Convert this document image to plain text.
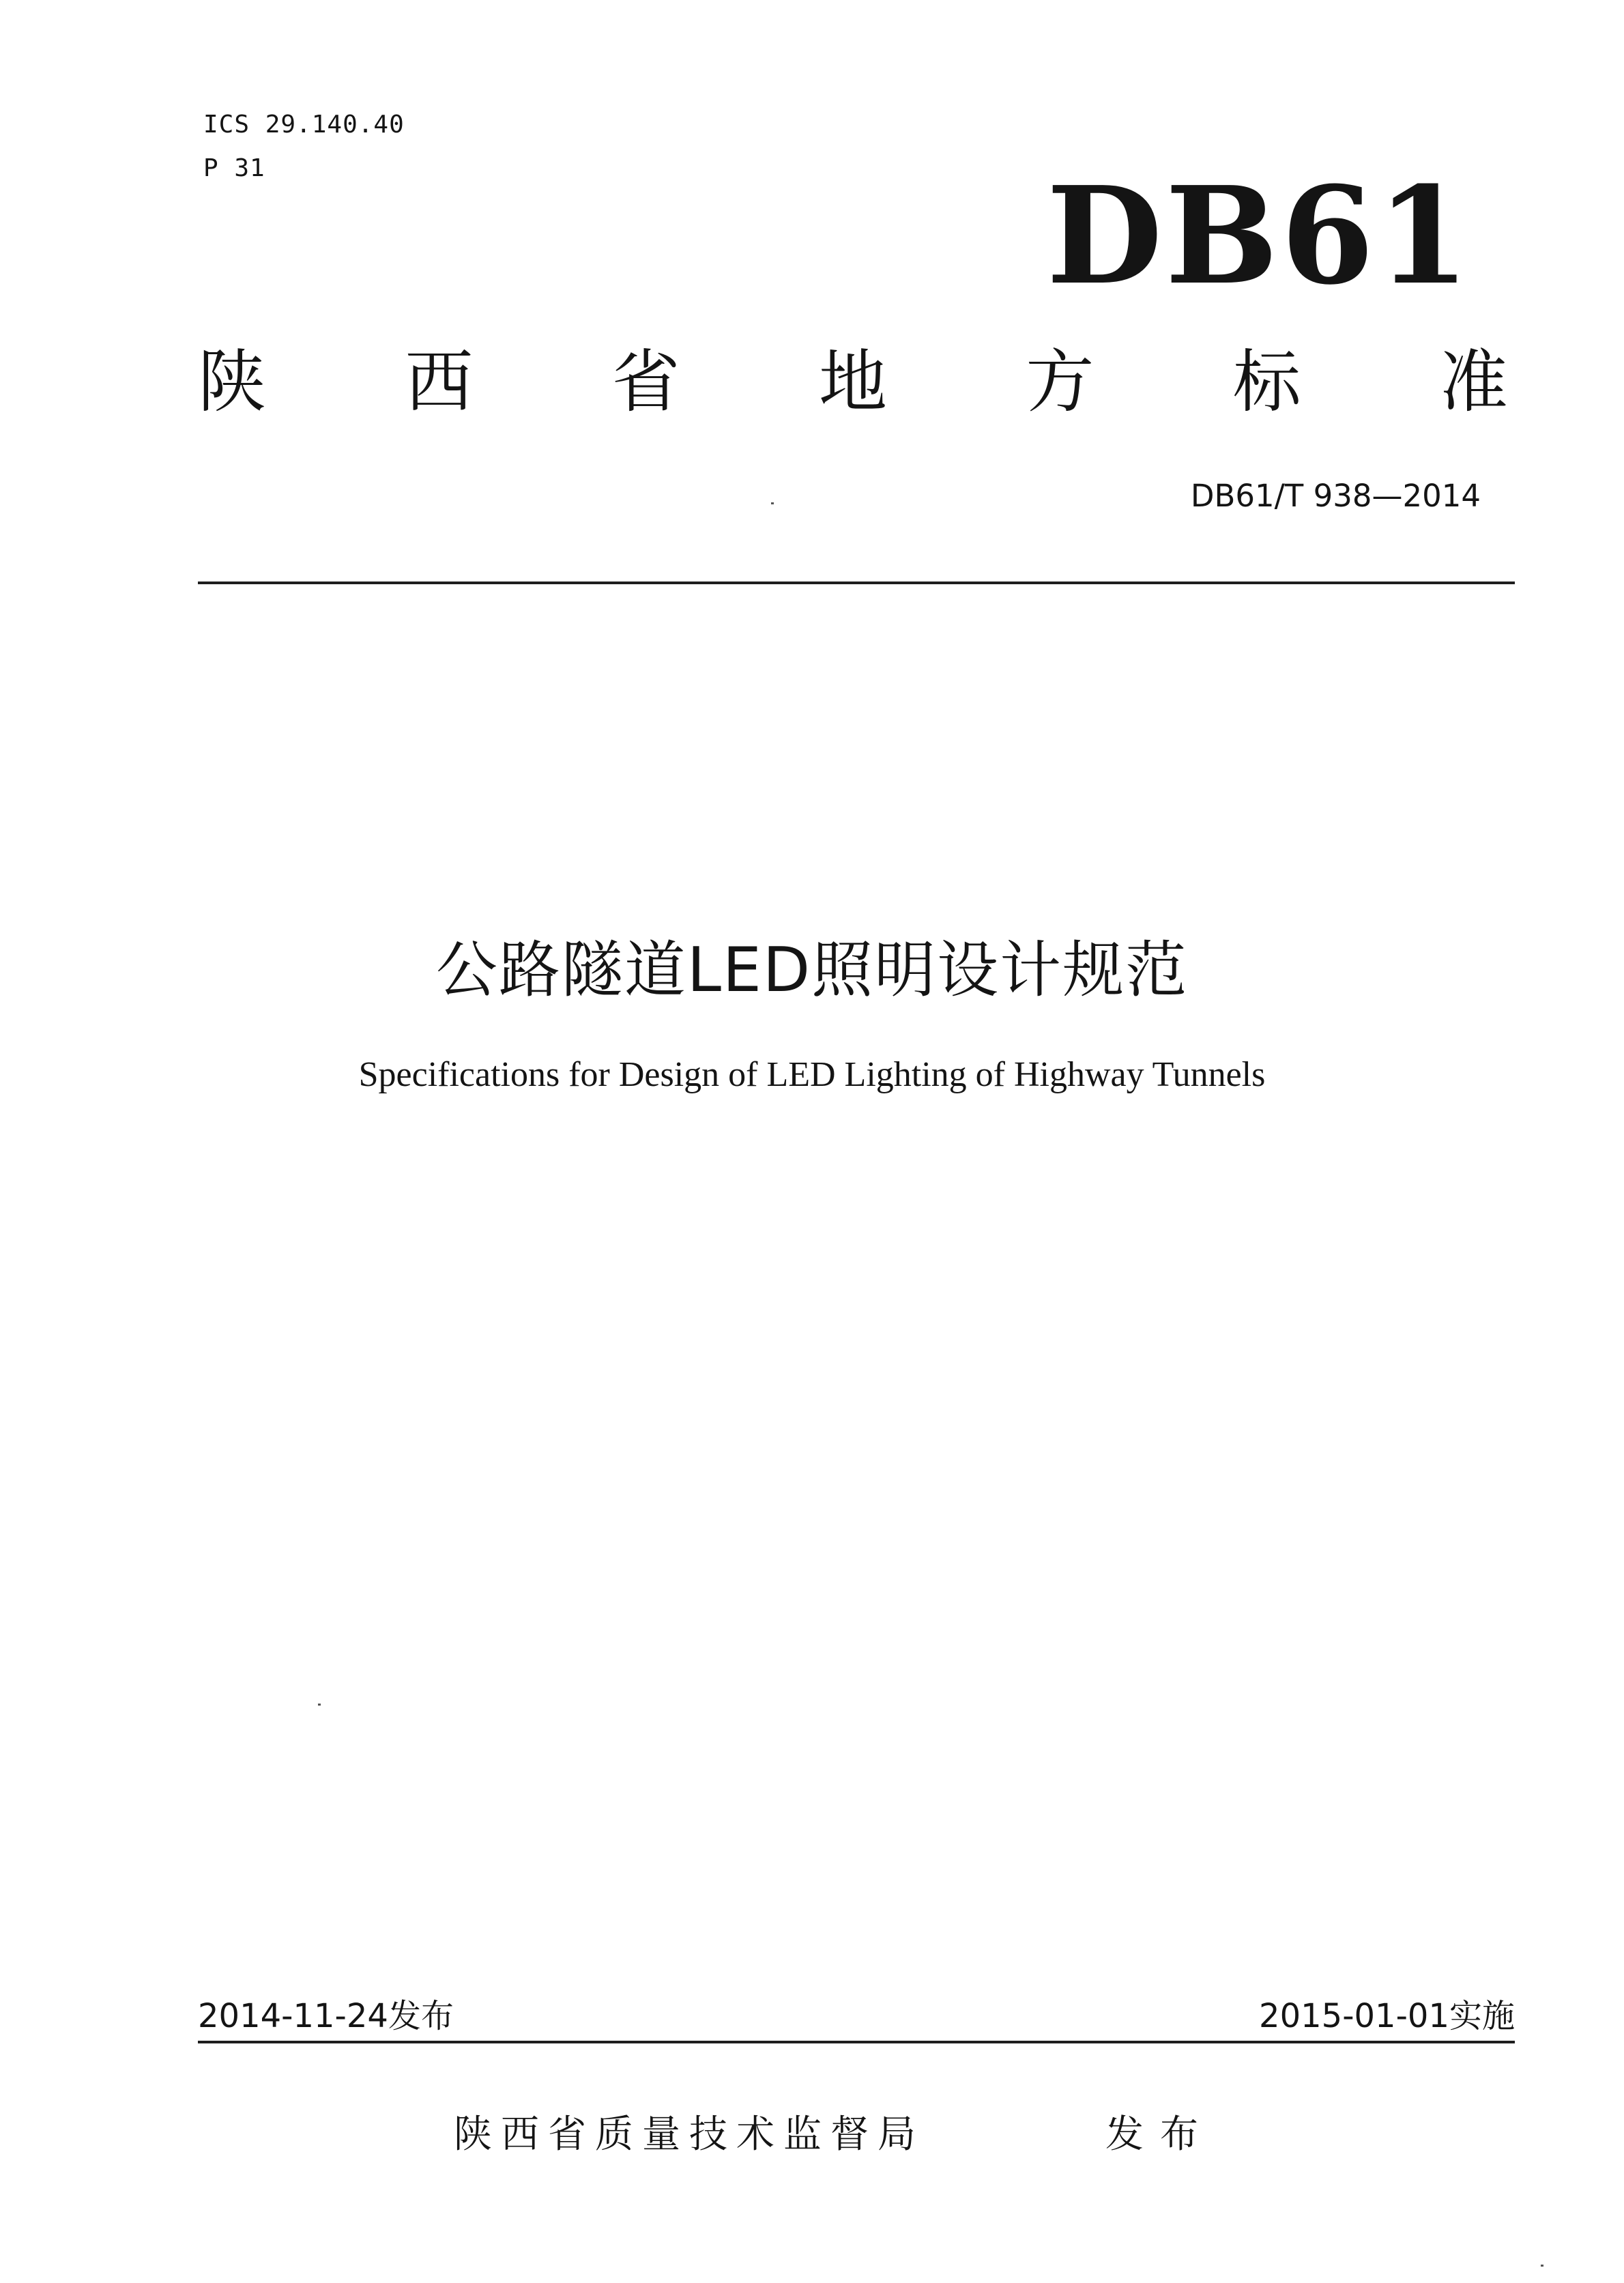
ICS 29.140.40
P 31	DB61
陕 西 省 地 方 标 准
DB61/T 938—2014
公路隧道LED照明设计规范
Specifications for Design of LED Lighting of Highway Tunnels
2014-11-24发布	2015-01-01实施
陕西省质量技术监督局	发布
